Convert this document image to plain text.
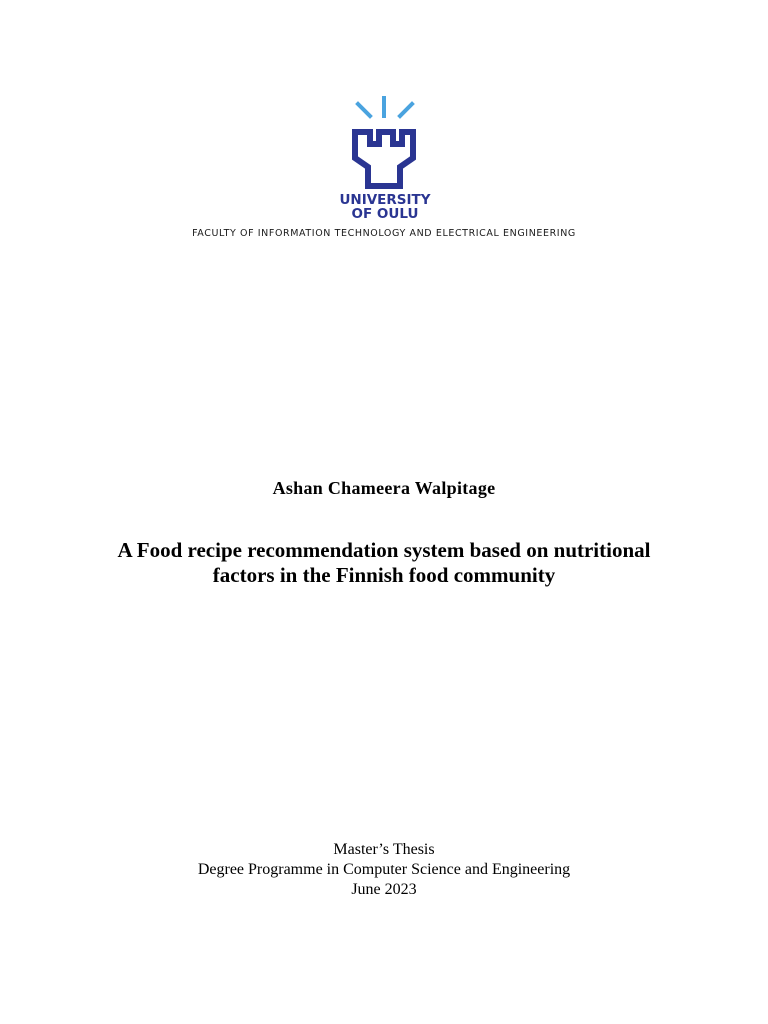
UNIVERSITY
OF OULU
FACULTY OF INFORMATION TECHNOLOGY AND ELECTRICAL ENGINEERING
Ashan Chameera Walpitage
A Food recipe recommendation system based on nutritional
factors in the Finnish food community
Master’s Thesis
Degree Programme in Computer Science and Engineering
June 2023
